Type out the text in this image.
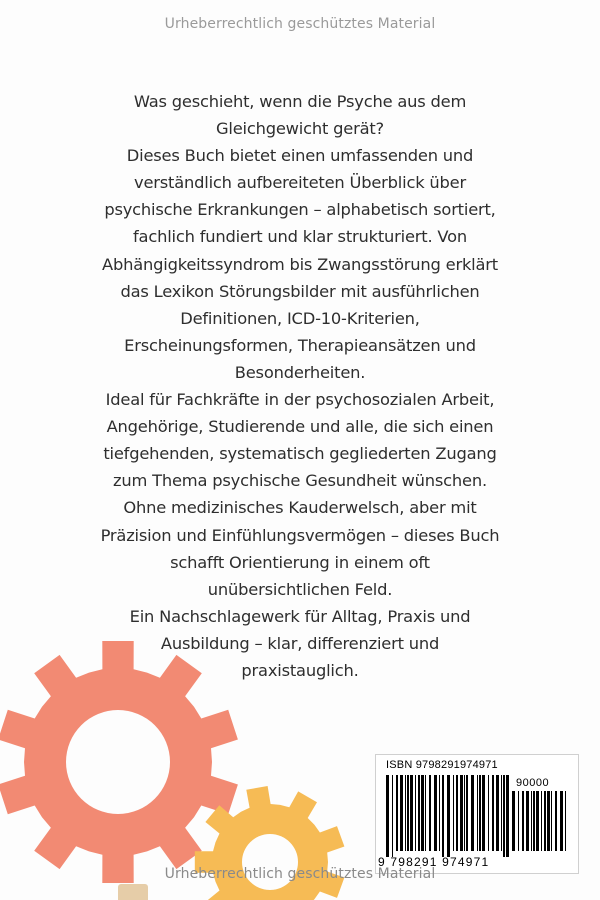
Urheberrechtlich geschütztes Material

Was geschieht, wenn die Psyche aus dem

Gleichgewicht gerät?

Dieses Buch bietet einen umfassenden und

verständlich aufbereiteten Überblick über

psychische Erkrankungen – alphabetisch sortiert,

fachlich fundiert und klar strukturiert. Von

Abhängigkeitssyndrom bis Zwangsstörung erklärt

das Lexikon Störungsbilder mit ausführlichen

Definitionen, ICD-10-Kriterien,

Erscheinungsformen, Therapieansätzen und

Besonderheiten.

Ideal für Fachkräfte in der psychosozialen Arbeit,

Angehörige, Studierende und alle, die sich einen

tiefgehenden, systematisch gegliederten Zugang

zum Thema psychische Gesundheit wünschen.

Ohne medizinisches Kauderwelsch, aber mit

Präzision und Einfühlungsvermögen – dieses Buch

schafft Orientierung in einem oft

unübersichtlichen Feld.

Ein Nachschlagewerk für Alltag, Praxis und

Ausbildung – klar, differenziert und

praxistauglich.

ISBN 9798291974971
90000
9 798291 974971
Urheberrechtlich geschütztes Material
